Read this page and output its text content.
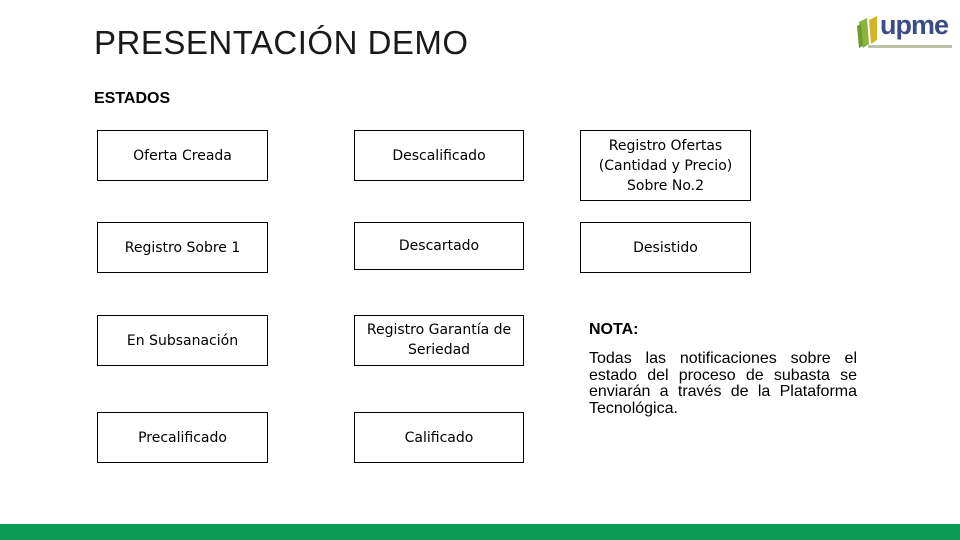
PRESENTACIÓN DEMO
ESTADOS
upme
Oferta Creada
Registro Sobre 1
En Subsanación
Precalificado
Descalificado
Descartado
Registro Garantía de Seriedad
Calificado
Registro Ofertas (Cantidad y Precio) Sobre No.2
Desistido

NOTA:

Todas las notificaciones sobre el estado del proceso de subasta se enviarán a través de la Plataforma Tecnológica.
